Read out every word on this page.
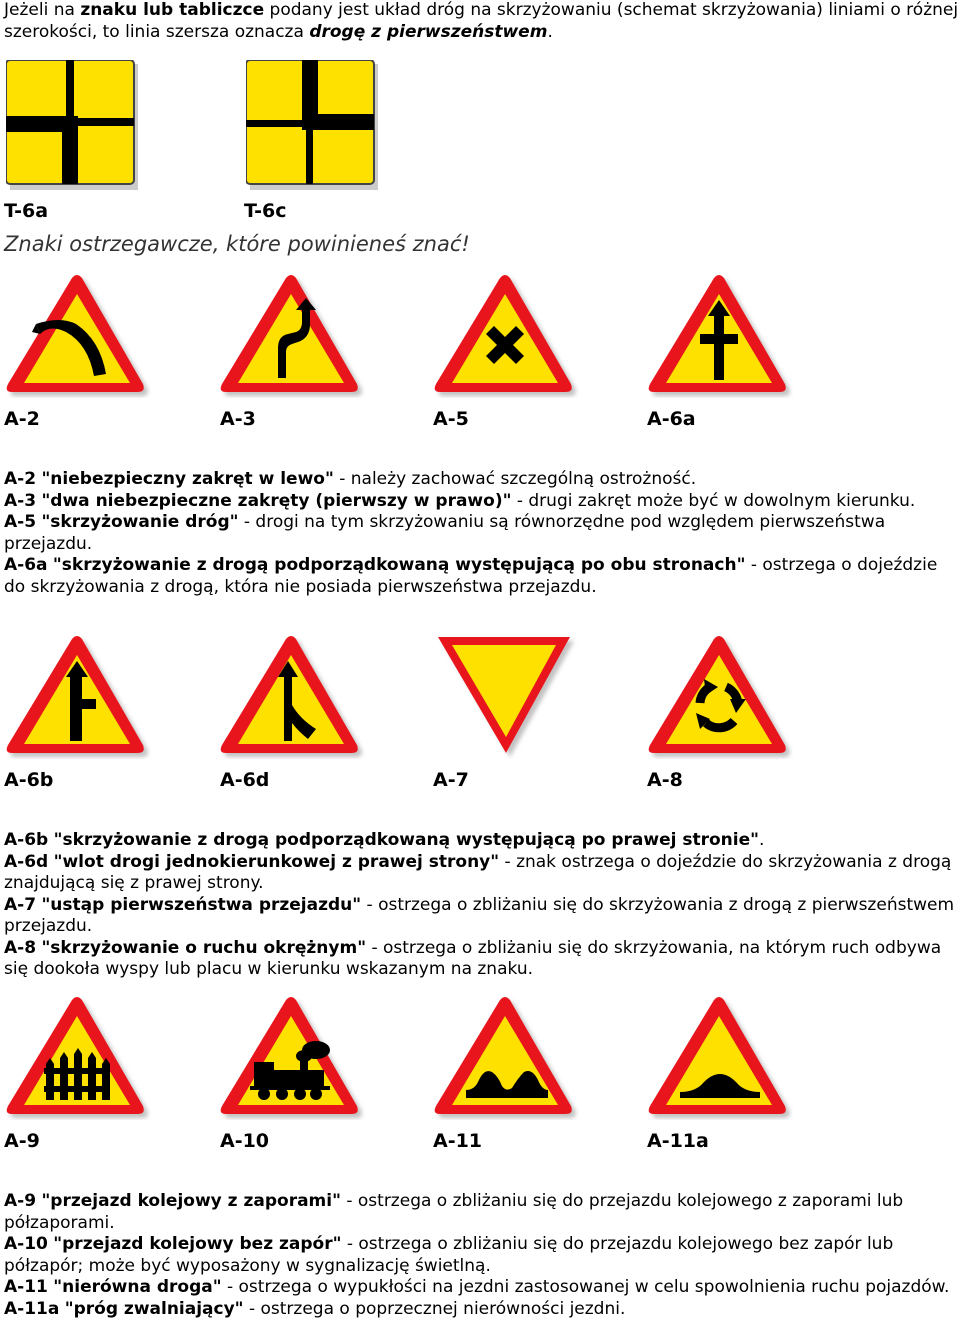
Jeżeli na znaku lub tabliczce podany jest układ dróg na skrzyżowaniu (schemat skrzyżowania) liniami o różnej szerokości, to linia szersza oznacza drogę z pierwszeństwem.
T-6a	T-6c
Znaki ostrzegawcze, które powinieneś znać!
A-2	A-3	A-5	A-6a
A-2 "niebezpieczny zakręt w lewo" - należy zachować szczególną ostrożność.
A-3 "dwa niebezpieczne zakręty (pierwszy w prawo)" - drugi zakręt może być w dowolnym kierunku.
A-5 "skrzyżowanie dróg" - drogi na tym skrzyżowaniu są równorzędne pod względem pierwszeństwa przejazdu.
A-6a "skrzyżowanie z drogą podporządkowaną występującą po obu stronach" - ostrzega o dojeździe do skrzyżowania z drogą, która nie posiada pierwszeństwa przejazdu.
A-6b	A-6d	A-7	A-8
A-6b "skrzyżowanie z drogą podporządkowaną występującą po prawej stronie".
A-6d "wlot drogi jednokierunkowej z prawej strony" - znak ostrzega o dojeździe do skrzyżowania z drogą znajdującą się z prawej strony.
A-7 "ustąp pierwszeństwa przejazdu" - ostrzega o zbliżaniu się do skrzyżowania z drogą z pierwszeństwem przejazdu.
A-8 "skrzyżowanie o ruchu okrężnym" - ostrzega o zbliżaniu się do skrzyżowania, na którym ruch odbywa się dookoła wyspy lub placu w kierunku wskazanym na znaku.
A-9	A-10	A-11	A-11a
A-9 "przejazd kolejowy z zaporami" - ostrzega o zbliżaniu się do przejazdu kolejowego z zaporami lub półzaporami.
A-10 "przejazd kolejowy bez zapór" - ostrzega o zbliżaniu się do przejazdu kolejowego bez zapór lub półzapór; może być wyposażony w sygnalizację świetlną.
A-11 "nierówna droga" - ostrzega o wypukłości na jezdni zastosowanej w celu spowolnienia ruchu pojazdów.
A-11a "próg zwalniający" - ostrzega o poprzecznej nierówności jezdni.
